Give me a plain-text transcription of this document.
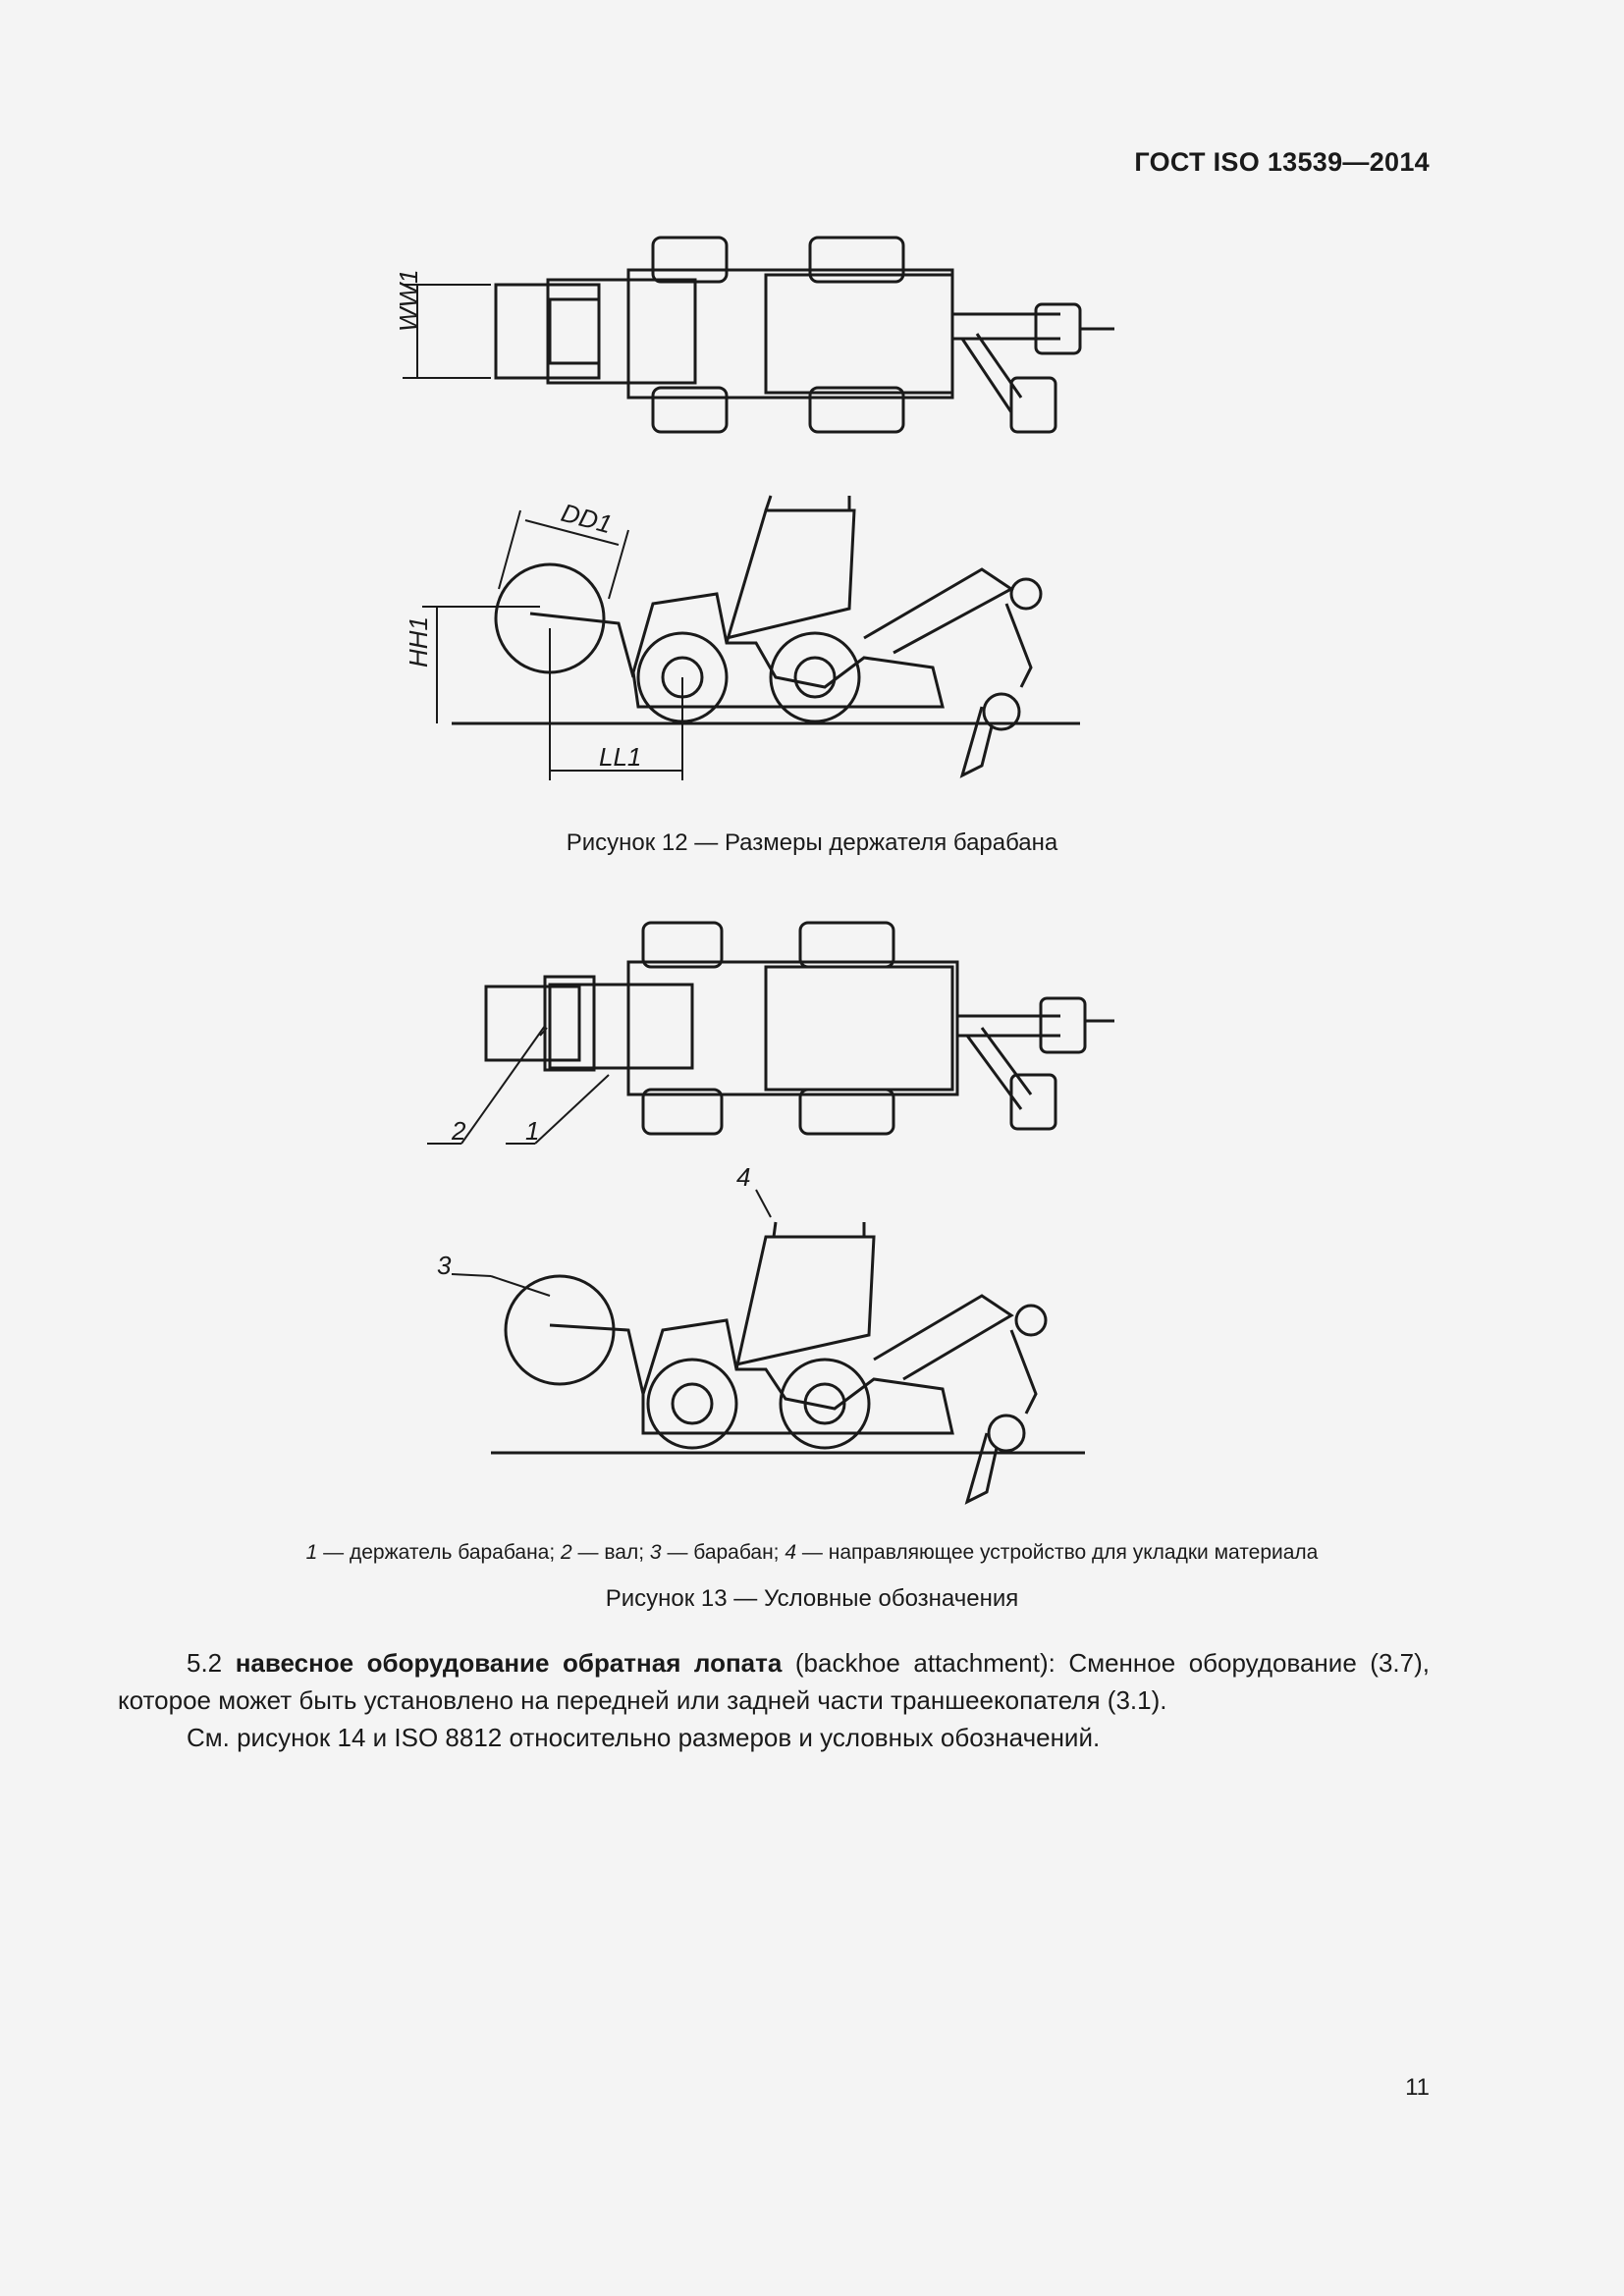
ГОСТ ISO 13539—2014
WW1
HH1
DD1
LL1
Рисунок 12 — Размеры держателя барабана
2 1
3
4
1 — держатель барабана; 2 — вал; 3 — барабан; 4 — направляющее устройство для укладки материала
Рисунок 13 — Условные обозначения

5.2 навесное оборудование обратная лопата (backhoe attachment): Сменное оборудование (3.7), которое может быть установлено на передней или задней части траншеекопателя (3.1).

См. рисунок 14 и ISO 8812 относительно размеров и условных обозначений.

11
